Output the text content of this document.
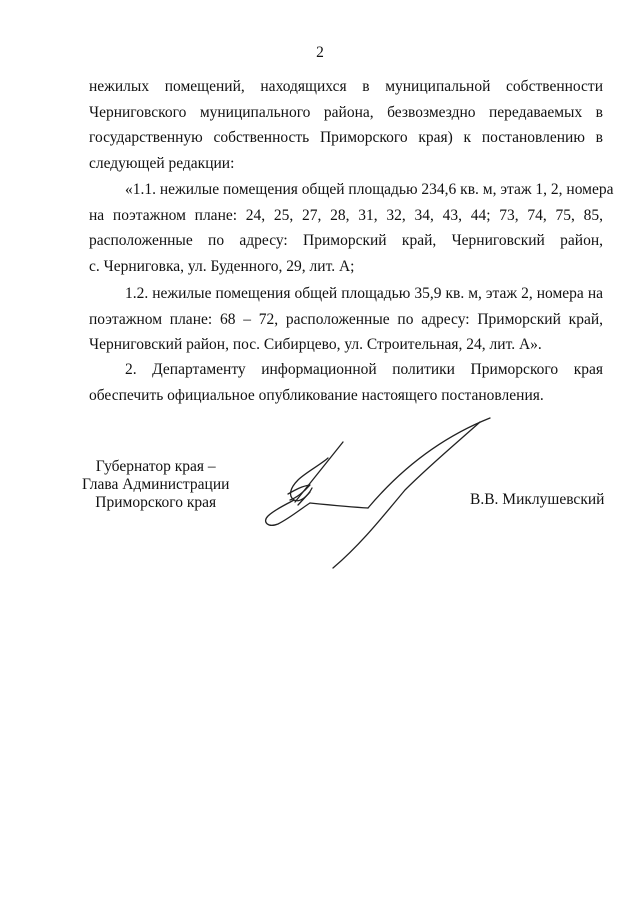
2
нежилых помещений, находящихся в муниципальной собственности
Черниговского муниципального района, безвозмездно передаваемых в
государственную собственность Приморского края) к постановлению в
следующей редакции:
«1.1. нежилые помещения общей площадью 234,6 кв. м, этаж 1, 2, номера
на поэтажном плане: 24, 25, 27, 28, 31, 32, 34, 43, 44; 73, 74, 75, 85,
расположенные по адресу: Приморский край, Черниговский район,
с. Черниговка, ул. Буденного, 29, лит. А;
1.2. нежилые помещения общей площадью 35,9 кв. м, этаж 2, номера на
поэтажном плане: 68 – 72, расположенные по адресу: Приморский край,
Черниговский район, пос. Сибирцево, ул. Строительная, 24, лит. А».
2. Департаменту информационной политики Приморского края
обеспечить официальное опубликование настоящего постановления.
Губернатор края –
Глава Администрации
Приморского края	В.В. Миклушевский
